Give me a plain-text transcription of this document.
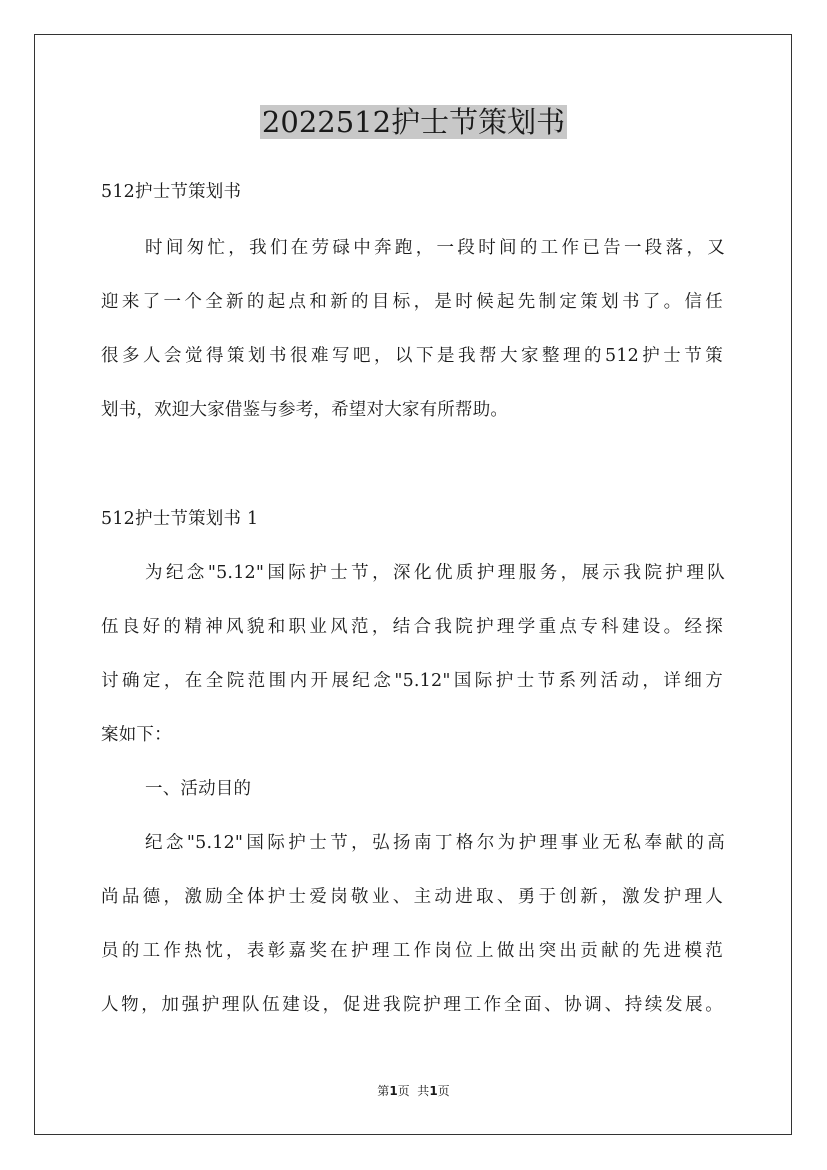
2022512护士节策划书
512护士节策划书
时间匆忙，我们在劳碌中奔跑，一段时间的工作已告一段落，又
迎来了一个全新的起点和新的目标，是时候起先制定策划书了。信任
很多人会觉得策划书很难写吧，以下是我帮大家整理的512护士节策
划书，欢迎大家借鉴与参考，希望对大家有所帮助。
512护士节策划书 1
为纪念"5.12"国际护士节，深化优质护理服务，展示我院护理队
伍良好的精神风貌和职业风范，结合我院护理学重点专科建设。经探
讨确定，在全院范围内开展纪念"5.12"国际护士节系列活动，详细方
案如下：
一、活动目的
纪念"5.12"国际护士节，弘扬南丁格尔为护理事业无私奉献的高
尚品德，激励全体护士爱岗敬业、主动进取、勇于创新，激发护理人
员的工作热忱，表彰嘉奖在护理工作岗位上做出突出贡献的先进模范
人物，加强护理队伍建设，促进我院护理工作全面、协调、持续发展。
第1页  共1页
